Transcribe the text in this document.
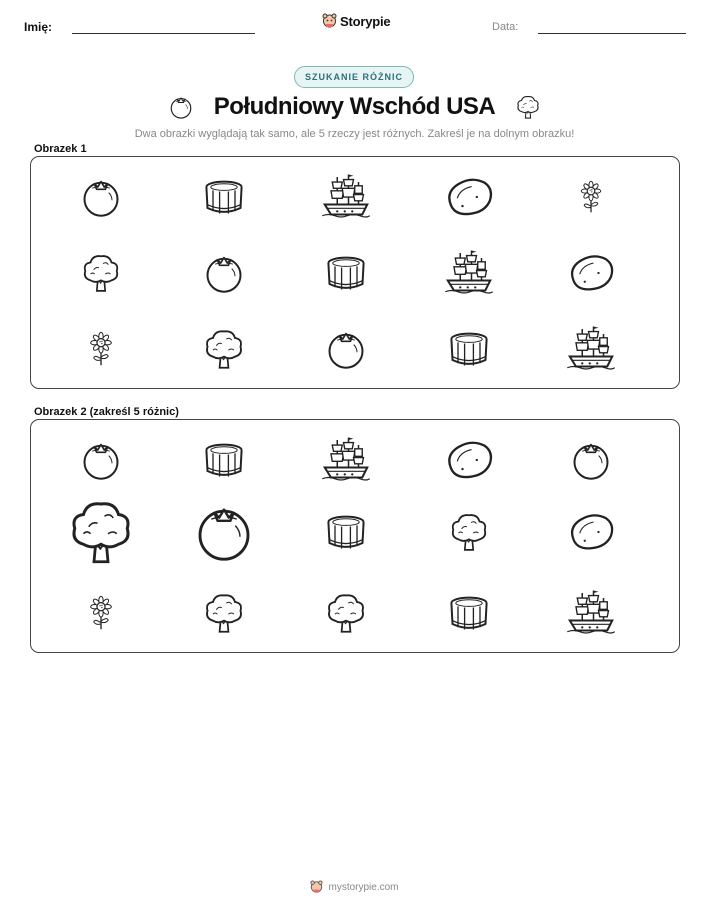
Imię:	Storypie	Data:
SZUKANIE RÓŻNIC
Południowy Wschód USA
Dwa obrazki wyglądają tak samo, ale 5 rzeczy jest różnych. Zakreśl je na dolnym obrazku!
Obrazek 1
Obrazek 2 (zakreśl 5 różnic)
mystorypie.com
